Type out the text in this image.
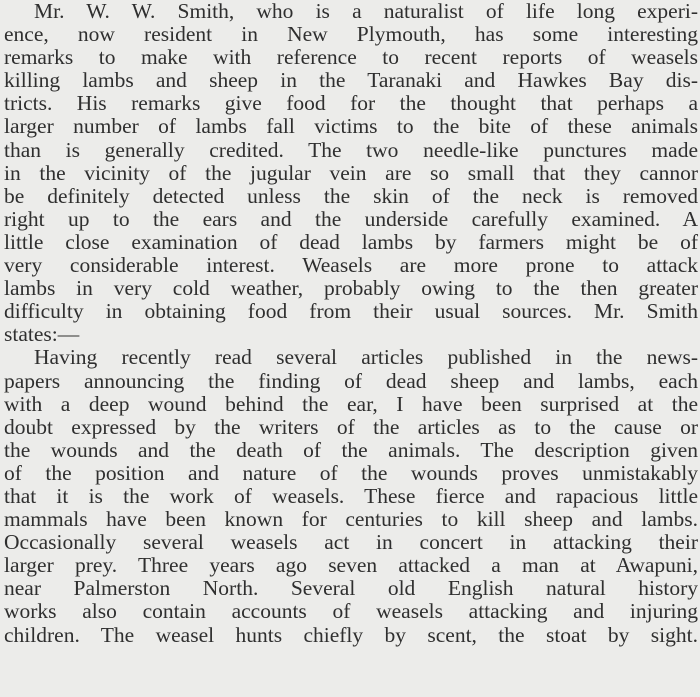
Mr. W. W. Smith, who is a naturalist of life long experi-
ence, now resident in New Plymouth, has some interesting
remarks to make with reference to recent reports of weasels
killing lambs and sheep in the Taranaki and Hawkes Bay dis-
tricts. His remarks give food for the thought that perhaps a
larger number of lambs fall victims to the bite of these animals
than is generally credited. The two needle-like punctures made
in the vicinity of the jugular vein are so small that they cannor
be definitely detected unless the skin of the neck is removed
right up to the ears and the underside carefully examined. A
little close examination of dead lambs by farmers might be of
very considerable interest. Weasels are more prone to attack
lambs in very cold weather, probably owing to the then greater
difficulty in obtaining food from their usual sources. Mr. Smith
states:—
Having recently read several articles published in the news-
papers announcing the finding of dead sheep and lambs, each
with a deep wound behind the ear, I have been surprised at the
doubt expressed by the writers of the articles as to the cause or
the wounds and the death of the animals. The description given
of the position and nature of the wounds proves unmistakably
that it is the work of weasels. These fierce and rapacious little
mammals have been known for centuries to kill sheep and lambs.
Occasionally several weasels act in concert in attacking their
larger prey. Three years ago seven attacked a man at Awapuni,
near Palmerston North. Several old English natural history
works also contain accounts of weasels attacking and injuring
children. The weasel hunts chiefly by scent, the stoat by sight.
